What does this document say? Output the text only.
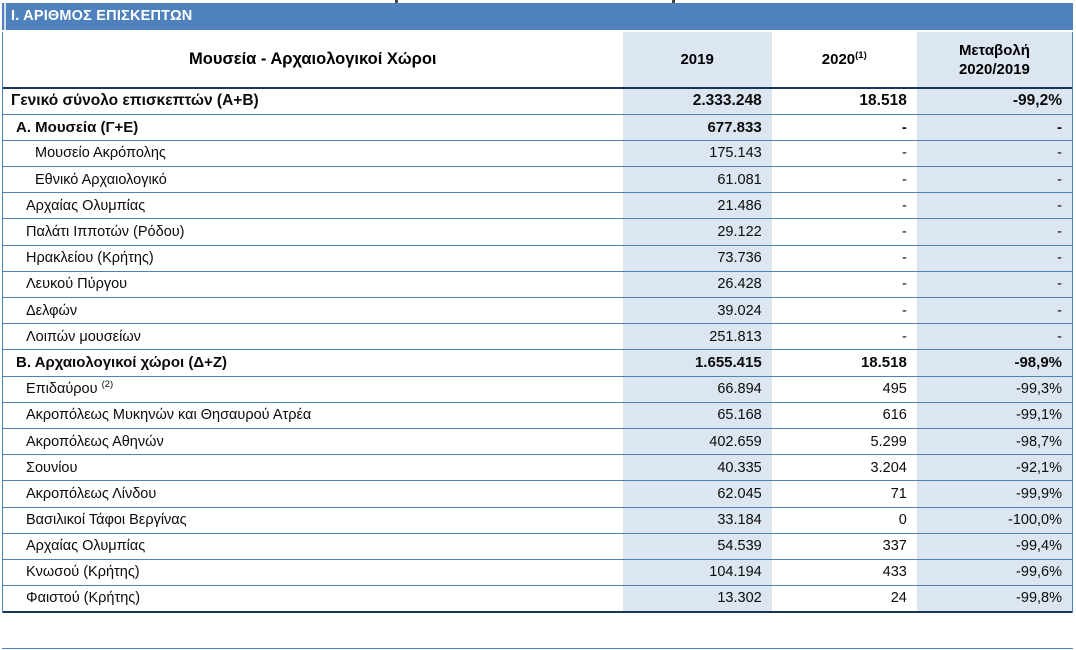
Ι. ΑΡΙΘΜΟΣ ΕΠΙΣΚΕΠΤΩΝ
Μουσεία - Αρχαιολογικοί Χώροι	2019	2020$^{(1)}$	Μεταβολή
2020/2019
Γενικό σύνολο επισκεπτών (Α+Β)	2.333.248	18.518	-99,2%
Α. Μουσεία (Γ+Ε)	677.833	-	-
Μουσείο Ακρόπολης	175.143	-	-
Εθνικό Αρχαιολογικό	61.081	-	-
Αρχαίας Ολυμπίας	21.486	-	-
Παλάτι Ιπποτών (Ρόδου)	29.122	-	-
Ηρακλείου (Κρήτης)	73.736	-	-
Λευκού Πύργου	26.428	-	-
Δελφών	39.024	-	-
Λοιπών μουσείων	251.813	-	-
Β. Αρχαιολογικοί χώροι (Δ+Ζ)	1.655.415	18.518	-98,9%
Επιδαύρου $^{(2)}$	66.894	495	-99,3%
Ακροπόλεως Μυκηνών και Θησαυρού Ατρέα	65.168	616	-99,1%
Ακροπόλεως Αθηνών	402.659	5.299	-98,7%
Σουνίου	40.335	3.204	-92,1%
Ακροπόλεως Λίνδου	62.045	71	-99,9%
Βασιλικοί Τάφοι Βεργίνας	33.184	0	-100,0%
Αρχαίας Ολυμπίας	54.539	337	-99,4%
Κνωσού (Κρήτης)	104.194	433	-99,6%
Φαιστού (Κρήτης)	13.302	24	-99,8%
